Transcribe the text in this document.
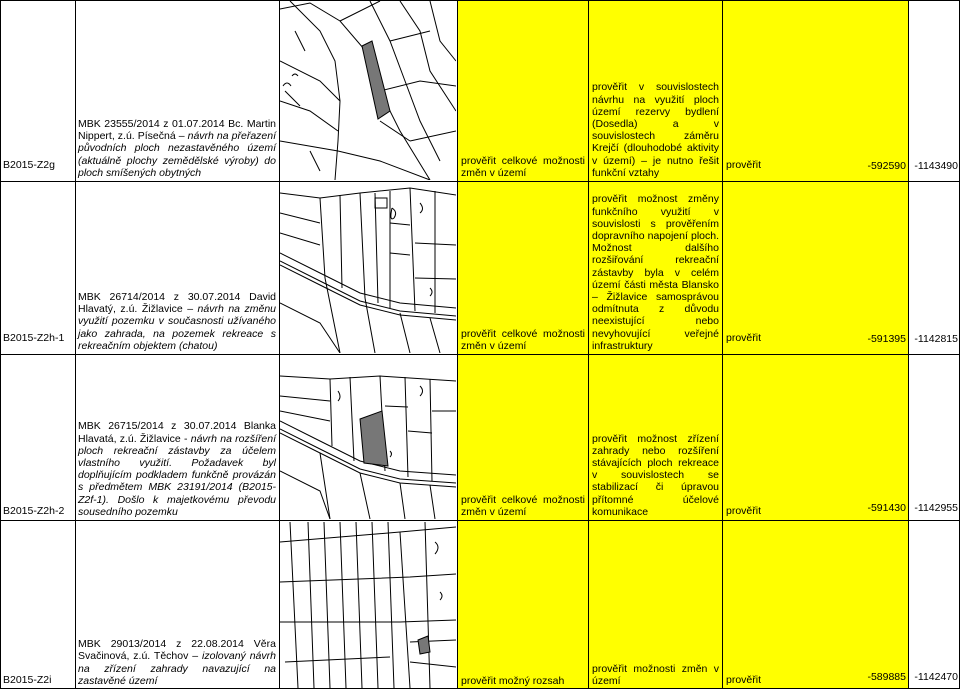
B2015-Z2g
MBK 23555/2014 z 01.07.2014 Bc. Martin Nippert, z.ú. Písečná – návrh na přeřazení původních ploch nezastavěného území (aktuálně plochy zemědělské výroby) do ploch smíšených obytných
prověřit celkové možnosti změn v území
prověřit v souvislostech návrhu na využití ploch území rezervy bydlení (Dosedla) a v souvislostech záměru Krejčí (dlouhodobé aktivity v území) – je nutno řešit funkční vztahy
prověřit	-592590 -1143490
B2015-Z2h-1
MBK 26714/2014 z 30.07.2014 David Hlavatý, z.ú. Žižlavice – návrh na změnu využití pozemku v současnosti užívaného jako zahrada, na pozemek rekreace s rekreačním objektem (chatou)
prověřit celkové možnosti změn v území
prověřit možnost změny funkčního využití v souvislosti s prověřením dopravního napojení ploch. Možnost dalšího rozšiřování rekreační zástavby byla v celém území části města Blansko – Žižlavice samosprávou odmítnuta z důvodu neexistující nebo nevyhovující veřejné infrastruktury
prověřit	-591395 -1142815
B2015-Z2h-2
MBK 26715/2014 z 30.07.2014 Blanka Hlavatá, z.ú. Žižlavice - návrh na rozšíření ploch rekreační zástavby za účelem vlastního využití. Požadavek byl doplňujícím podkladem funkčně provázán s předmětem MBK 23191/2014 (B2015-Z2f-1). Došlo k majetkovému převodu sousedního pozemku
prověřit celkové možnosti změn v území
prověřit možnost zřízení zahrady nebo rozšíření stávajících ploch rekreace v souvislostech se stabilizací či úpravou přítomné účelové komunikace	prověřit	-591430 -1142955
B2015-Z2i
MBK 29013/2014 z 22.08.2014 Věra Svačinová, z.ú. Těchov – izolovaný návrh na zřízení zahrady navazující na zastavěné území	prověřit možný rozsah
prověřit možnosti změn v území	prověřit	-589885 -1142470
